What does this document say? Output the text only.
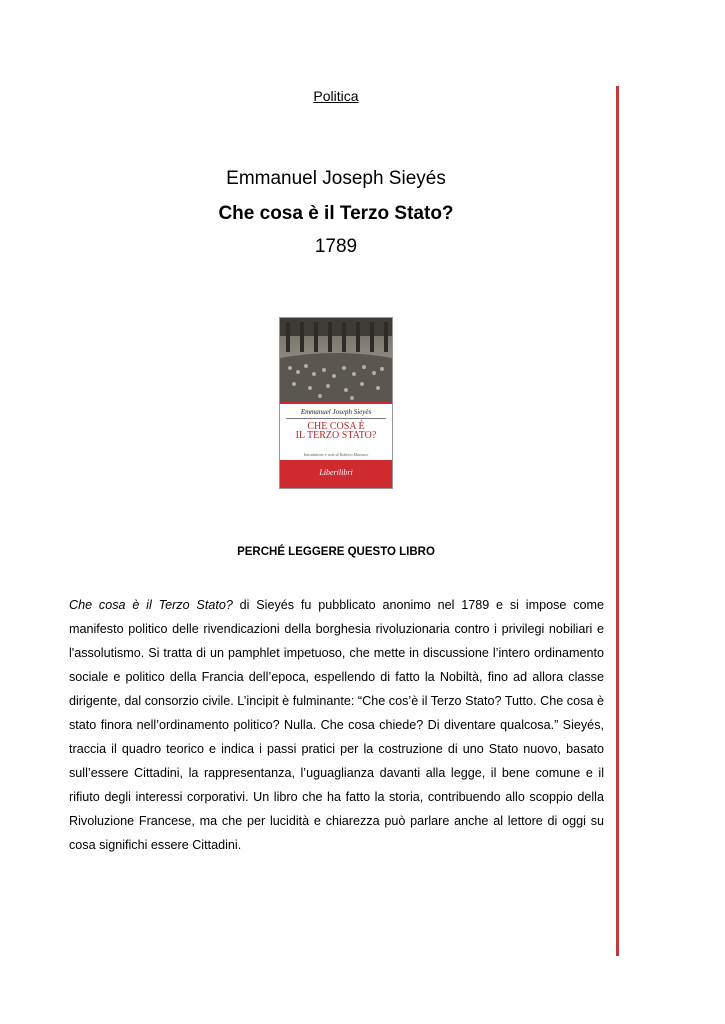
Politica
Emmanuel Joseph Sieyés
Che cosa è il Terzo Stato?
1789
Emmanuel Joseph Sieyès
CHE COSA È
IL TERZO STATO?
Introduzione e note di Roberto Martucci
Liberilibri
PERCHÉ LEGGERE QUESTO LIBRO

Che cosa è il Terzo Stato? di Sieyés fu pubblicato anonimo nel 1789 e si impose come manifesto politico delle rivendicazioni della borghesia rivoluzionaria contro i privilegi nobiliari e l'assolutismo. Si tratta di un pamphlet impetuoso, che mette in discussione l’intero ordinamento sociale e politico della Francia dell’epoca, espellendo di fatto la Nobiltà, fino ad allora classe dirigente, dal consorzio civile. L’incipit è fulminante: “Che cos’è il Terzo Stato? Tutto. Che cosa è stato finora nell’ordinamento politico? Nulla. Che cosa chiede? Di diventare qualcosa.” Sieyés, traccia il quadro teorico e indica i passi pratici per la costruzione di uno Stato nuovo, basato sull’essere Cittadini, la rappresentanza, l’uguaglianza davanti alla legge, il bene comune e il rifiuto degli interessi corporativi. Un libro che ha fatto la storia, contribuendo allo scoppio della Rivoluzione Francese, ma che per lucidità e chiarezza può parlare anche al lettore di oggi su cosa significhi essere Cittadini.
